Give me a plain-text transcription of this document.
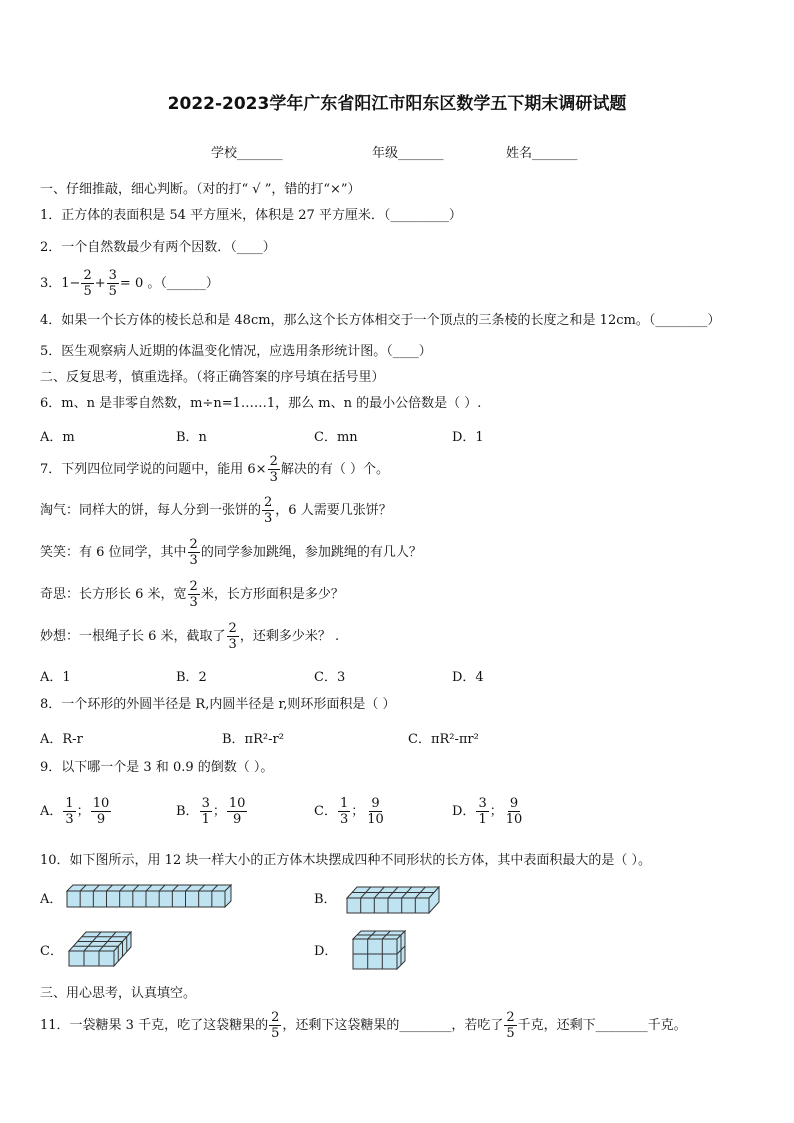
2022-2023学年广东省阳江市阳东区数学五下期末调研试题
学校_______	年级_______	姓名_______
一、仔细推敲，细心判断。（对的打“ √ ”，错的打“×”）
1．正方体的表面积是 54 平方厘米，体积是 27 平方厘米．（_________）
2．一个自然数最少有两个因数．（____）
3．$1- \frac{2}{5} + \frac{3}{5} = 0$ 。（______）
4．如果一个长方体的棱长总和是 48cm，那么这个长方体相交于一个顶点的三条棱的长度之和是 12cm。（________）
5．医生观察病人近期的体温变化情况，应选用条形统计图。（____）
二、反复思考，慎重选择。（将正确答案的序号填在括号里）
6．m、n 是非零自然数，m÷n=1……1，那么 m、n 的最小公倍数是（ ）.
A．m	B．n	C．mn	D．1
7．下列四位同学说的问题中，能用 $6\times \frac{2}{3}$ 解决的有（ ）个。
淘气：同样大的饼，每人分到一张饼的 $\frac{2}{3}$ ，6 人需要几张饼？
笑笑：有 6 位同学，其中 $\frac{2}{3}$ 的同学参加跳绳，参加跳绳的有几人？
奇思：长方形长 6 米，宽 $\frac{2}{3}$ 米，长方形面积是多少？
妙想：一根绳子长 6 米，截取了 $\frac{2}{3}$ ，还剩多少米？ .
A．1	B．2	C．3	D．4
8．一个环形的外圆半径是 R,内圆半径是 r,则环形面积是（ ）
A．R-r	B．πR²-r²	C．πR²-πr²
9．以下哪一个是 3 和 0.9 的倒数（ ）。
A． $\frac{1}{3}$ ； $\frac{10}{9}$	B． $\frac{3}{1}$ ； $\frac{10}{9}$	C． $\frac{1}{3}$ ； $\frac{9}{10}$	D． $\frac{3}{1}$ ； $\frac{9}{10}$
10．如下图所示，用 12 块一样大小的正方体木块摆成四种不同形状的长方体，其中表面积最大的是（ ）。
A．	B．
C．	D．
三、用心思考，认真填空。
11．一袋糖果 3 千克，吃了这袋糖果的 $\frac{2}{5}$ ，还剩下这袋糖果的________，若吃了 $\frac{2}{5}$ 千克，还剩下________千克。
